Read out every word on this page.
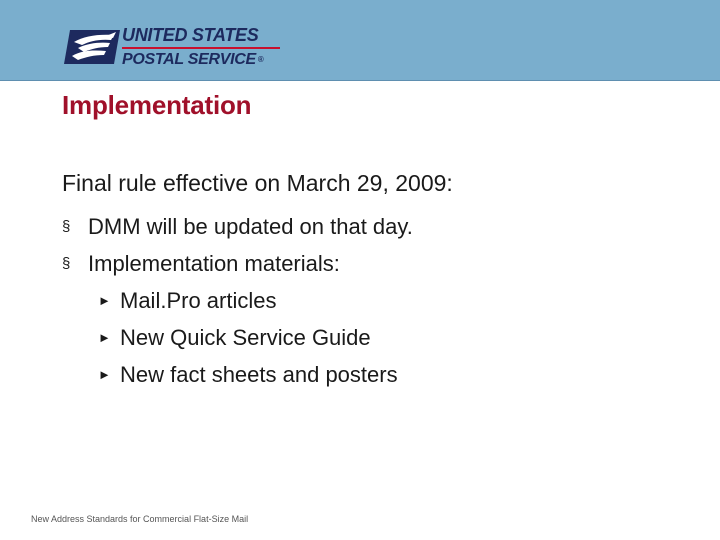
UNITED STATES
POSTAL SERVICE ®
Implementation

Final rule effective on March 29, 2009:

§ DMM will be updated on that day.
§ Implementation materials:
► Mail.Pro articles
► New Quick Service Guide
► New fact sheets and posters
New Address Standards for Commercial Flat-Size Mail
